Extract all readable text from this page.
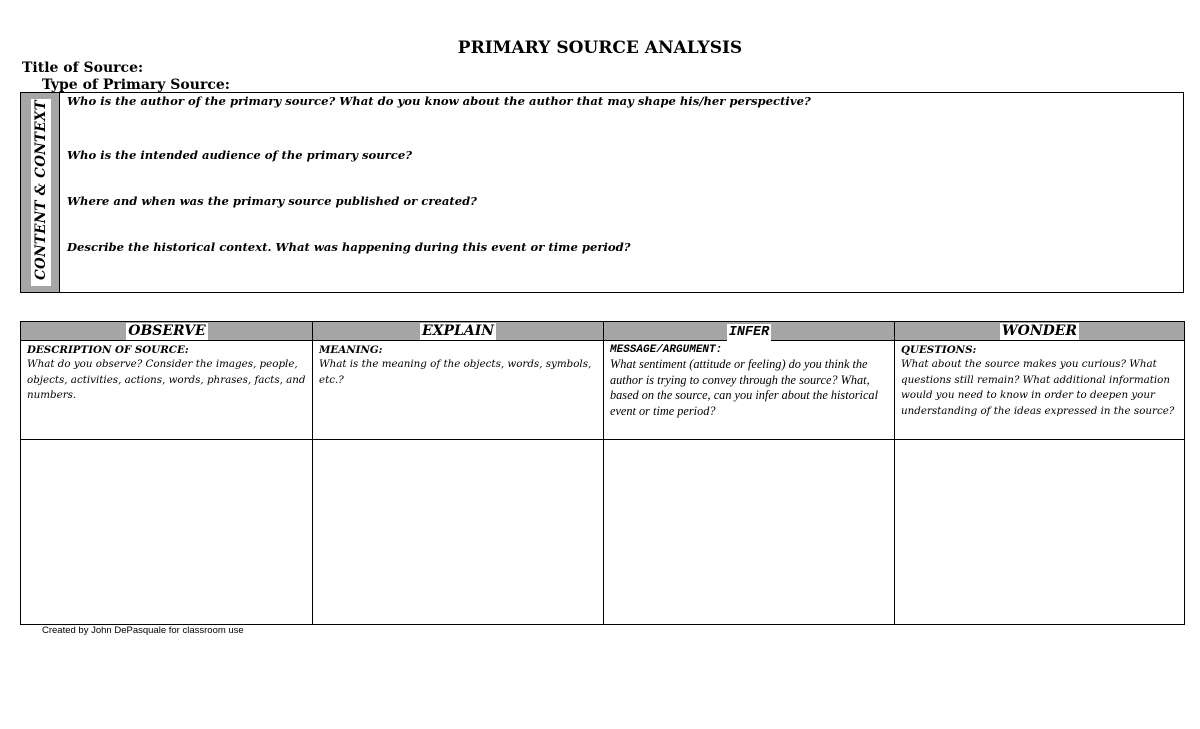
PRIMARY SOURCE ANALYSIS
Title of Source:
Type of Primary Source:
CONTENT & CONTEXT Who is the author of the primary source? What do you know about the author that may shape his/her perspective?
Who is the intended audience of the primary source?
Where and when was the primary source published or created?
Describe the historical context. What was happening during this event or time period?
OBSERVE
DESCRIPTION OF SOURCE:
What do you observe? Consider the images, people, objects, activities, actions, words, phrases, facts, and numbers.
EXPLAIN
MEANING:
What is the meaning of the objects, words, symbols, etc.?
INFER
MESSAGE/ARGUMENT:
What sentiment (attitude or feeling) do you think the author is trying to convey through the source? What, based on the source, can you infer about the historical event or time period?
WONDER
QUESTIONS:
What about the source makes you curious? What questions still remain? What additional information would you need to know in order to deepen your understanding of the ideas expressed in the source?
Created by John DePasquale for classroom use
